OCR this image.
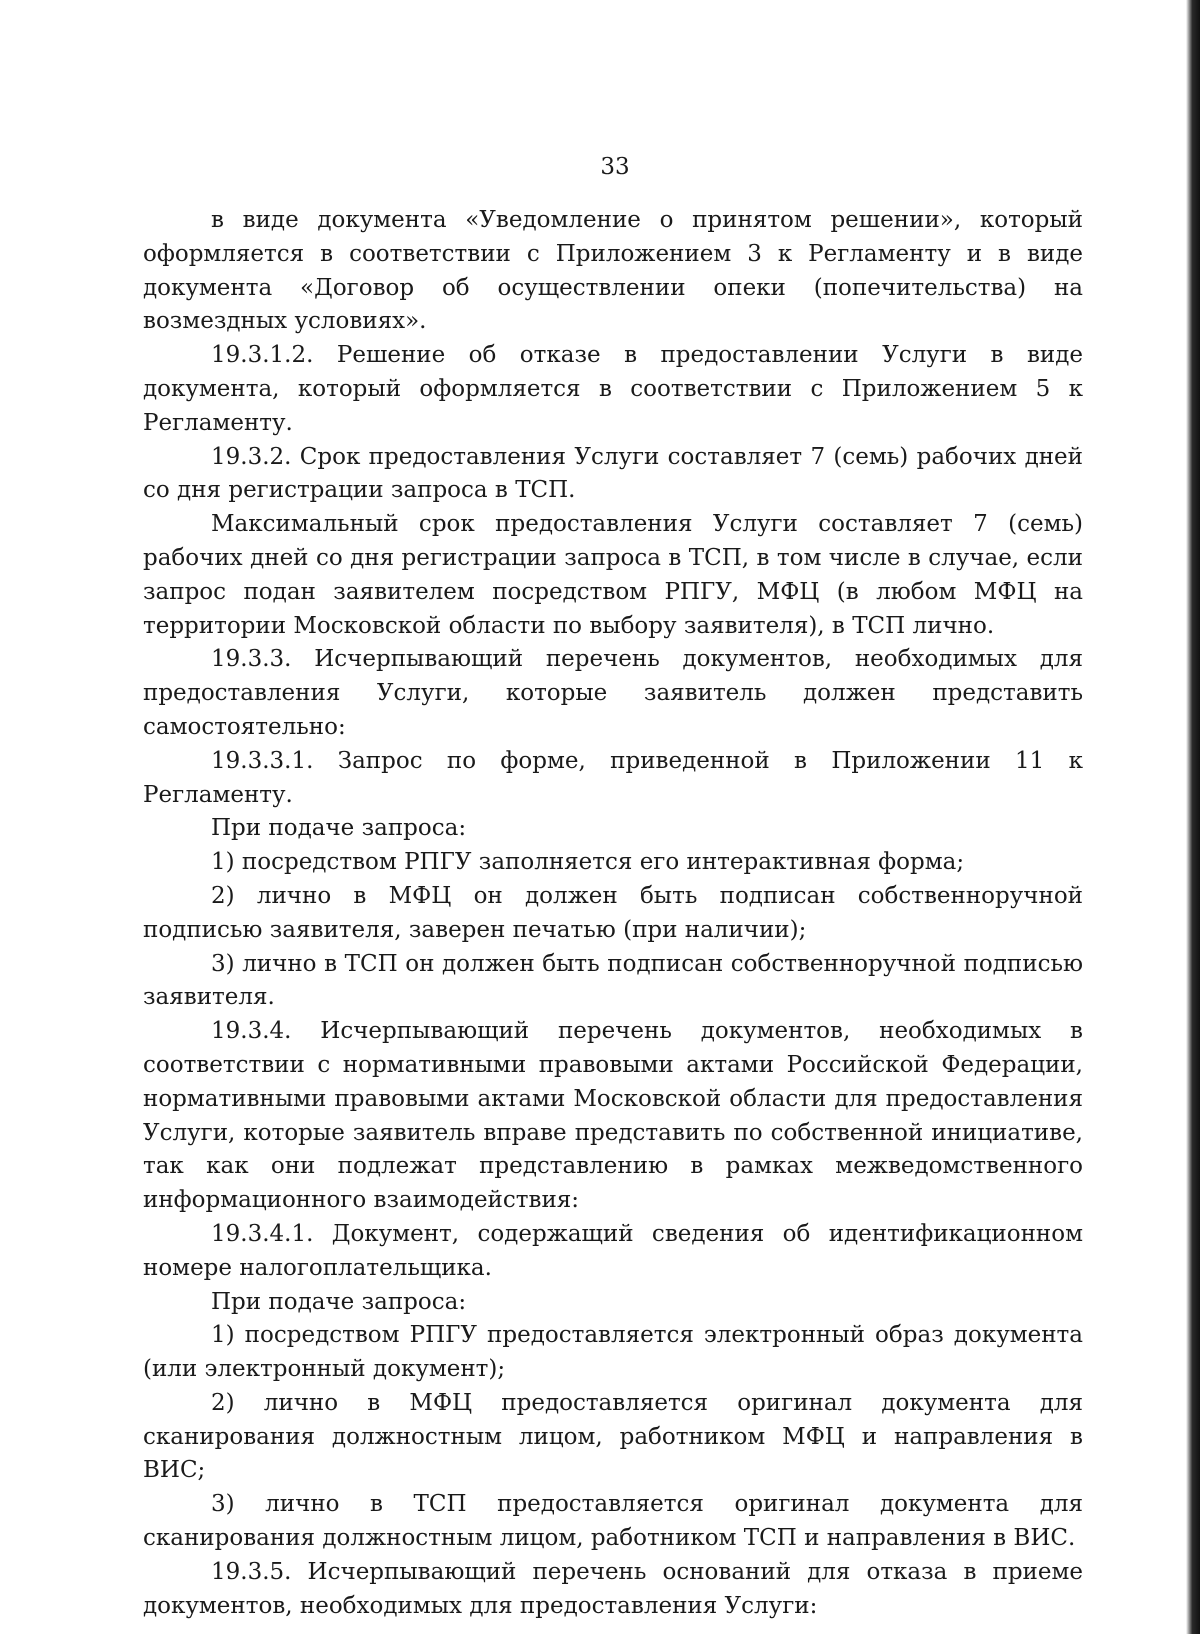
33

в виде документа «Уведомление о принятом решении», который оформляется в соответствии с Приложением 3 к Регламенту и в виде документа «Договор об осуществлении опеки (попечительства) на возмездных условиях».

19.3.1.2. Решение об отказе в предоставлении Услуги в виде документа, который оформляется в соответствии с Приложением 5 к Регламенту.

19.3.2. Срок предоставления Услуги составляет 7 (семь) рабочих дней со дня регистрации запроса в ТСП.

Максимальный срок предоставления Услуги составляет 7 (семь) рабочих дней со дня регистрации запроса в ТСП, в том числе в случае, если запрос подан заявителем посредством РПГУ, МФЦ (в любом МФЦ на территории Московской области по выбору заявителя), в ТСП лично.

19.3.3. Исчерпывающий перечень документов, необходимых для предоставления Услуги, которые заявитель должен представить самостоятельно:

19.3.3.1. Запрос по форме, приведенной в Приложении 11 к Регламенту.

При подаче запроса:

1) посредством РПГУ заполняется его интерактивная форма;

2) лично в МФЦ он должен быть подписан собственноручной подписью заявителя, заверен печатью (при наличии);

3) лично в ТСП он должен быть подписан собственноручной подписью заявителя.

19.3.4. Исчерпывающий перечень документов, необходимых в соответствии с нормативными правовыми актами Российской Федерации, нормативными правовыми актами Московской области для предоставления Услуги, которые заявитель вправе представить по собственной инициативе, так как они подлежат представлению в рамках межведомственного информационного взаимодействия:

19.3.4.1. Документ, содержащий сведения об идентификационном номере налогоплательщика.

При подаче запроса:

1) посредством РПГУ предоставляется электронный образ документа (или электронный документ);

2) лично в МФЦ предоставляется оригинал документа для сканирования должностным лицом, работником МФЦ и направления в ВИС;

3) лично в ТСП предоставляется оригинал документа для сканирования должностным лицом, работником ТСП и направления в ВИС.

19.3.5. Исчерпывающий перечень оснований для отказа в приеме документов, необходимых для предоставления Услуги:
